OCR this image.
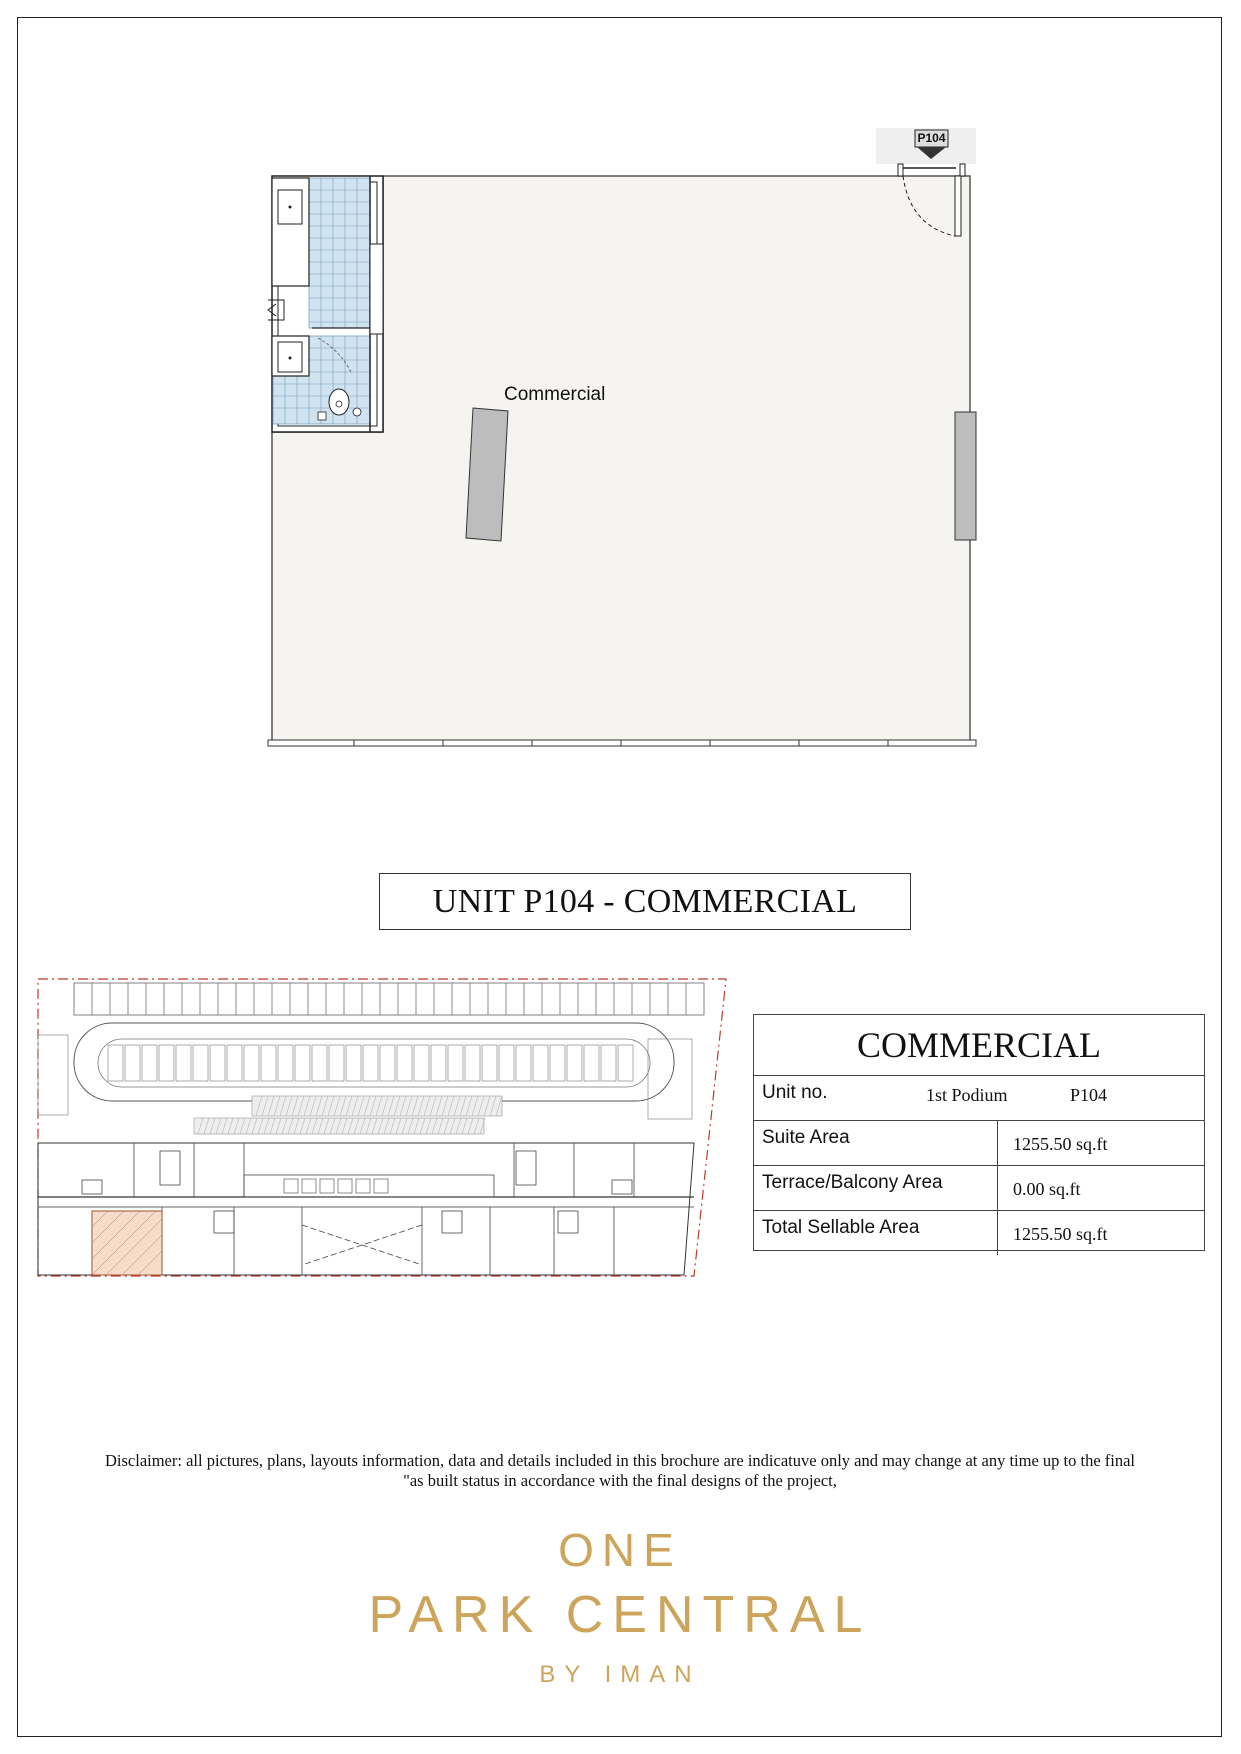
P104
Commercial
UNIT P104 - COMMERCIAL
COMMERCIAL
Unit no.	1st Podium	P104
Suite Area	1255.50 sq.ft
Terrace/Balcony Area	0.00 sq.ft
Total Sellable Area	1255.50 sq.ft
Disclaimer: all pictures, plans, layouts information, data and details included in this brochure are indicatuve only and may change at any time up to the final
"as built status in accordance with the final designs of the project,
ONE
PARK CENTRAL
BY IMAN
